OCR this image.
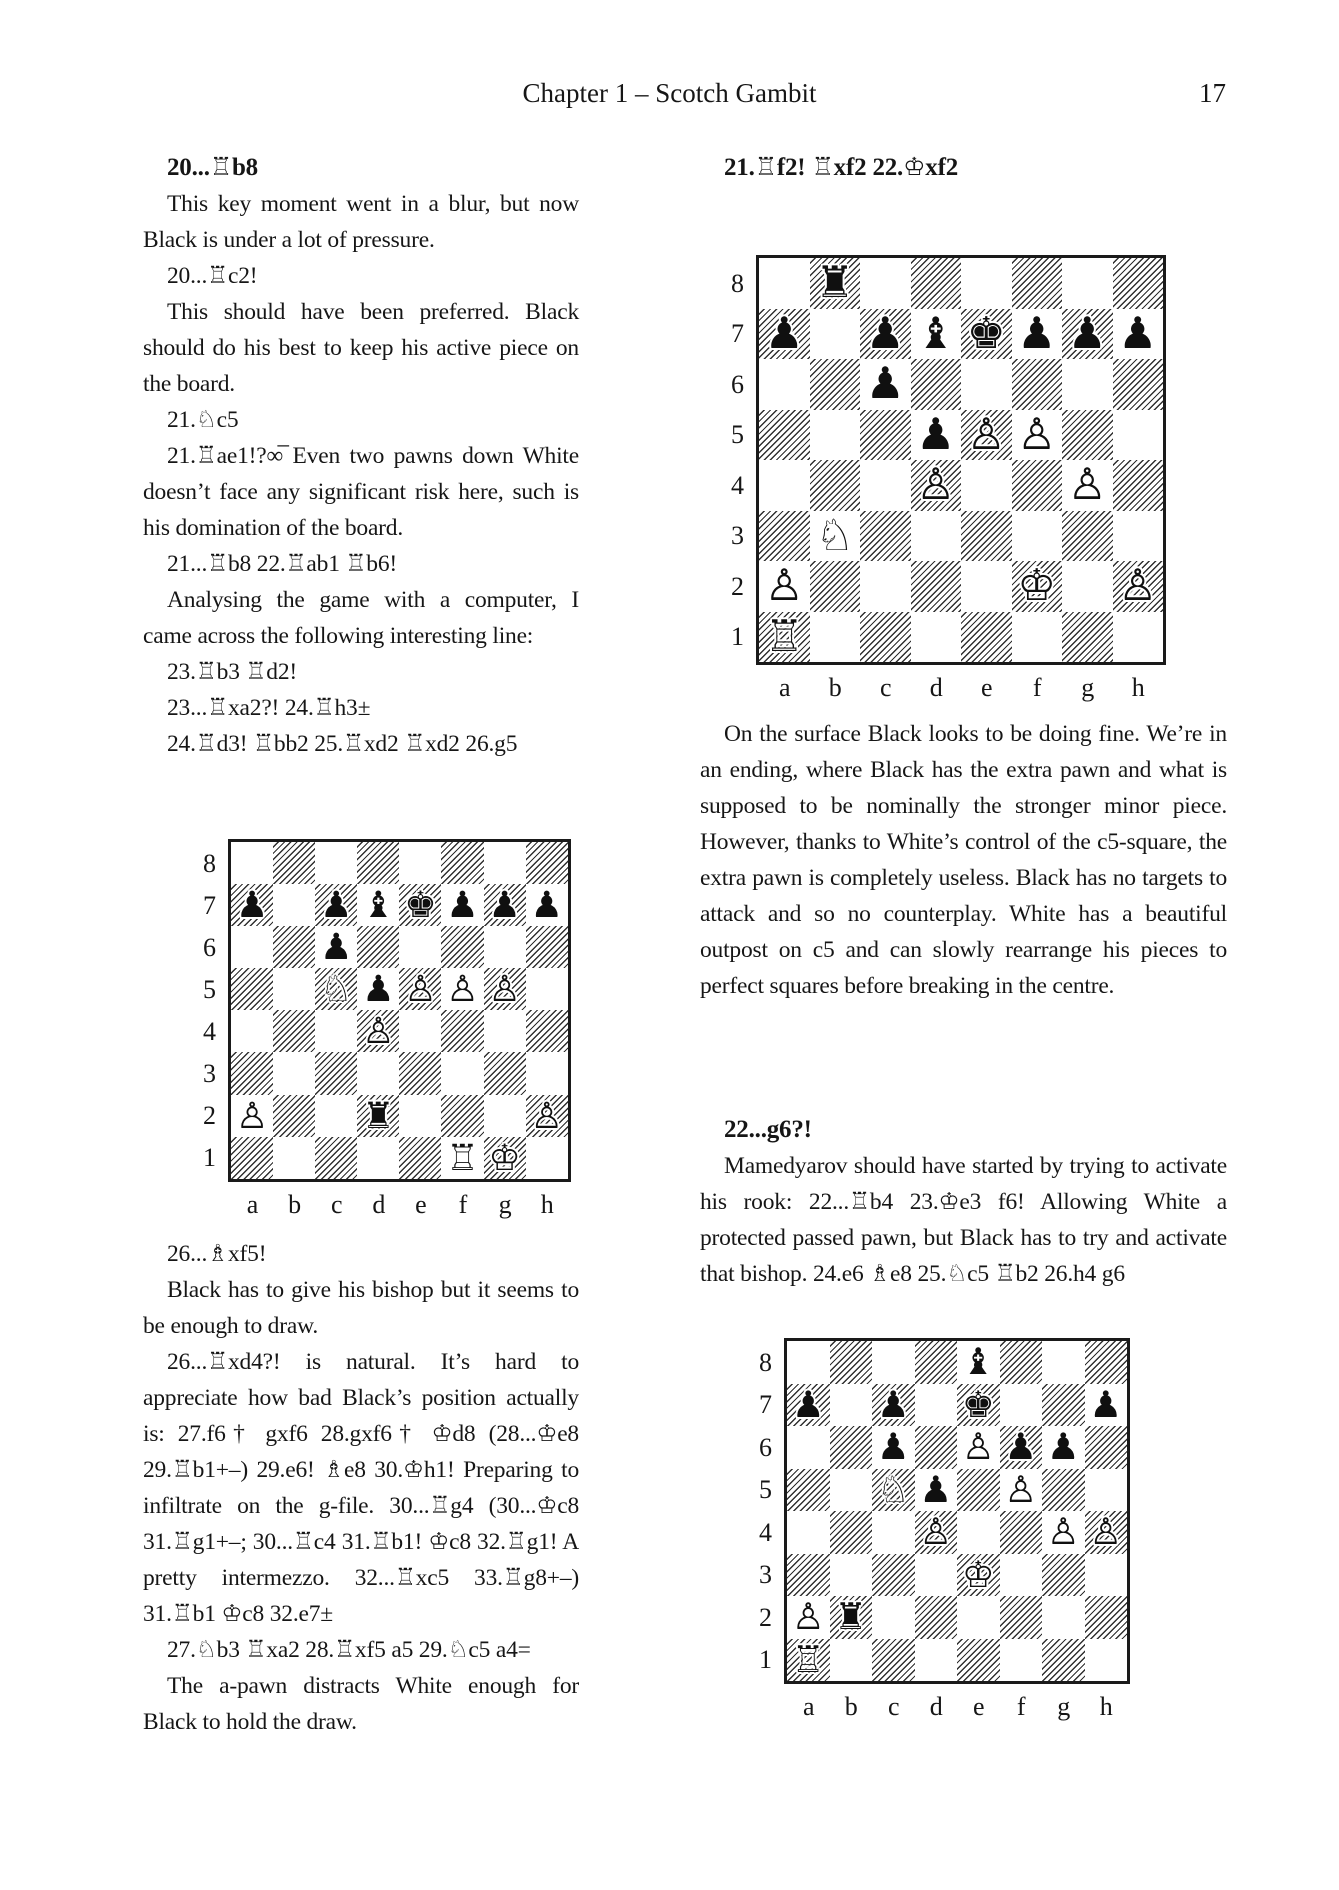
Chapter 1 – Scotch Gambit	17

20...♖b8

This key moment went in a blur, but now Black is under a lot of pressure.

20...♖c2!

This should have been preferred. Black should do his best to keep his active piece on the board.

21.♘c5

21.♖ae1!?∞̅ Even two pawns down White doesn’t face any significant risk here, such is his domination of the board.

21...♖b8 22.♖ab1 ♖b6!

Analysing the game with a computer, I came across the following interesting line:

23.♖b3 ♖d2!

23...♖xa2?! 24.♖h3±

24.♖d3! ♖bb2 25.♖xd2 ♖xd2 26.g5

8
7
6
5
4
3
2
1
♟ ♟ ♝ ♚ ♟ ♟ ♟
♟
♘ ♟ ♙ ♙ ♙
♙
♙	♜	♙
♖ ♔
a	b	c	d	e	f	g	h

26...♗xf5!

Black has to give his bishop but it seems to be enough to draw.

26...♖xd4?! is natural. It’s hard to appreciate how bad Black’s position actually is: 27.f6† gxf6 28.gxf6† ♔d8 (28...♔e8 29.♖b1+–) 29.e6! ♗e8 30.♔h1! Preparing to infiltrate on the g-file. 30...♖g4 (30...♔c8 31.♖g1+–; 30...♖c4 31.♖b1! ♔c8 32.♖g1! A pretty intermezzo. 32...♖xc5 33.♖g8+–) 31.♖b1 ♔c8 32.e7±

27.♘b3 ♖xa2 28.♖xf5 a5 29.♘c5 a4=

The a-pawn distracts White enough for Black to hold the draw.

21.♖f2! ♖xf2 22.♔xf2

8
7
6
5
4
3
2
1
♜
♟ ♟ ♝ ♚ ♟ ♟ ♟
♟
♟ ♙ ♙
♙	♙
♘
♙	♔ ♙
♖
a	b	c	d	e	f	g	h

On the surface Black looks to be doing fine. We’re in an ending, where Black has the extra pawn and what is supposed to be nominally the stronger minor piece. However, thanks to White’s control of the c5-square, the extra pawn is completely useless. Black has no targets to attack and so no counterplay. White has a beautiful outpost on c5 and can slowly rearrange his pieces to perfect squares before breaking in the centre.

22...g6?!

Mamedyarov should have started by trying to activate his rook: 22...♖b4 23.♔e3 f6! Allowing White a protected passed pawn, but Black has to try and activate that bishop. 24.e6 ♗e8 25.♘c5 ♖b2 26.h4 g6

8
7
6
5
4
3
2
1
♝
♟ ♟ ♚	♟
♟ ♙ ♟ ♟
♘ ♟ ♙
♙	♙ ♙
♔
♙ ♜
♖
a	b	c	d	e	f	g	h
